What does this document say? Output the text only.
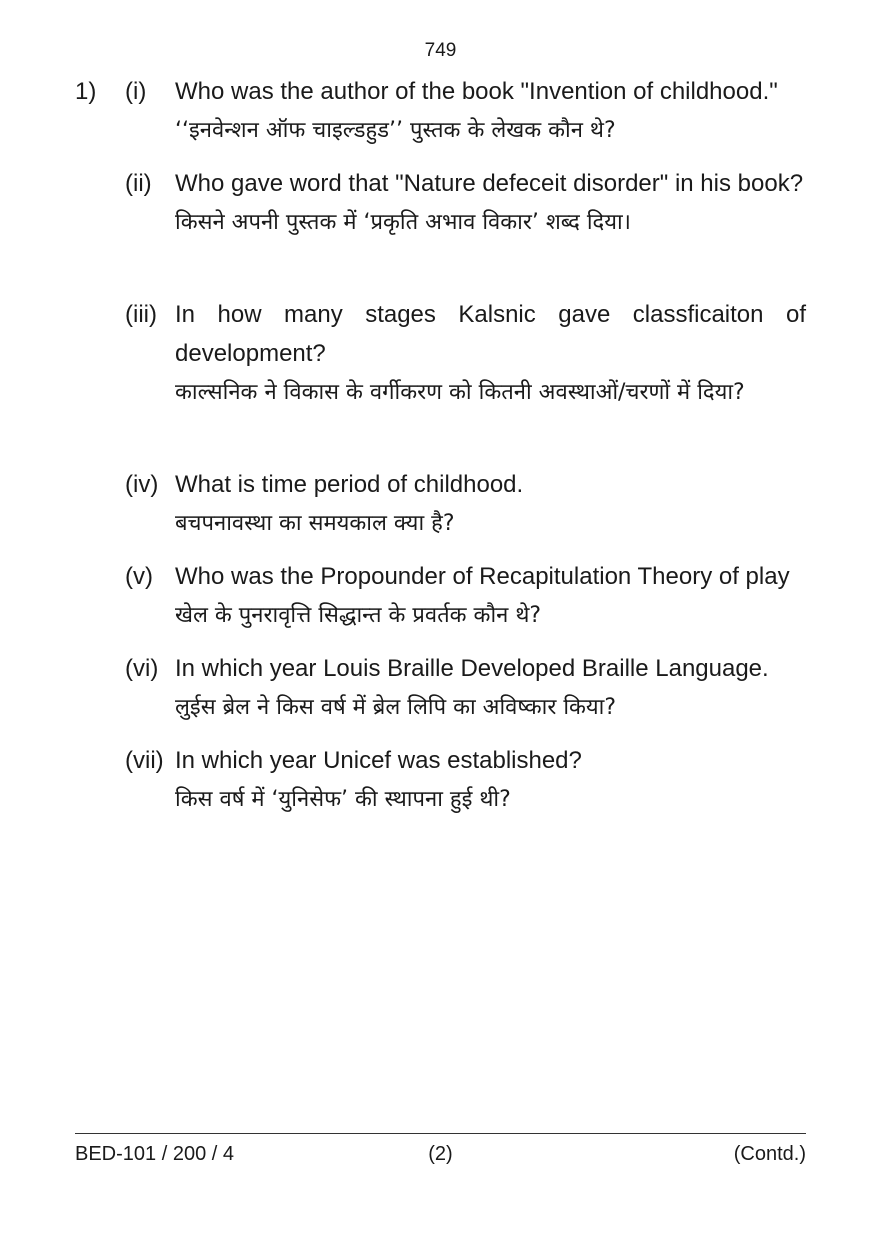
749
1) (i) Who was the author of the book "Invention of childhood."

‘‘इनवेन्शन ऑफ चाइल्डहुड’’ पुस्तक के लेखक कौन थे?

(ii) Who gave word that "Nature defeceit disorder" in his book?

किसने अपनी पुस्तक में ‘प्रकृति अभाव विकार’ शब्द दिया।

(iii) In how many stages Kalsnic gave classficaiton of development?

काल्सनिक ने विकास के वर्गीकरण को कितनी अवस्थाओं/चरणों में दिया?

(iv) What is time period of childhood.

बचपनावस्था का समयकाल क्या है?

(v) Who was the Propounder of Recapitulation Theory of play

खेल के पुनरावृत्ति सिद्धान्त के प्रवर्तक कौन थे?

(vi) In which year Louis Braille Developed Braille Language.

लुईस ब्रेल ने किस वर्ष में ब्रेल लिपि का अविष्कार किया?

(vii) In which year Unicef was established?

किस वर्ष में ‘युनिसेफ’ की स्थापना हुई थी?

BED-101 / 200 / 4	(2)	(Contd.)
